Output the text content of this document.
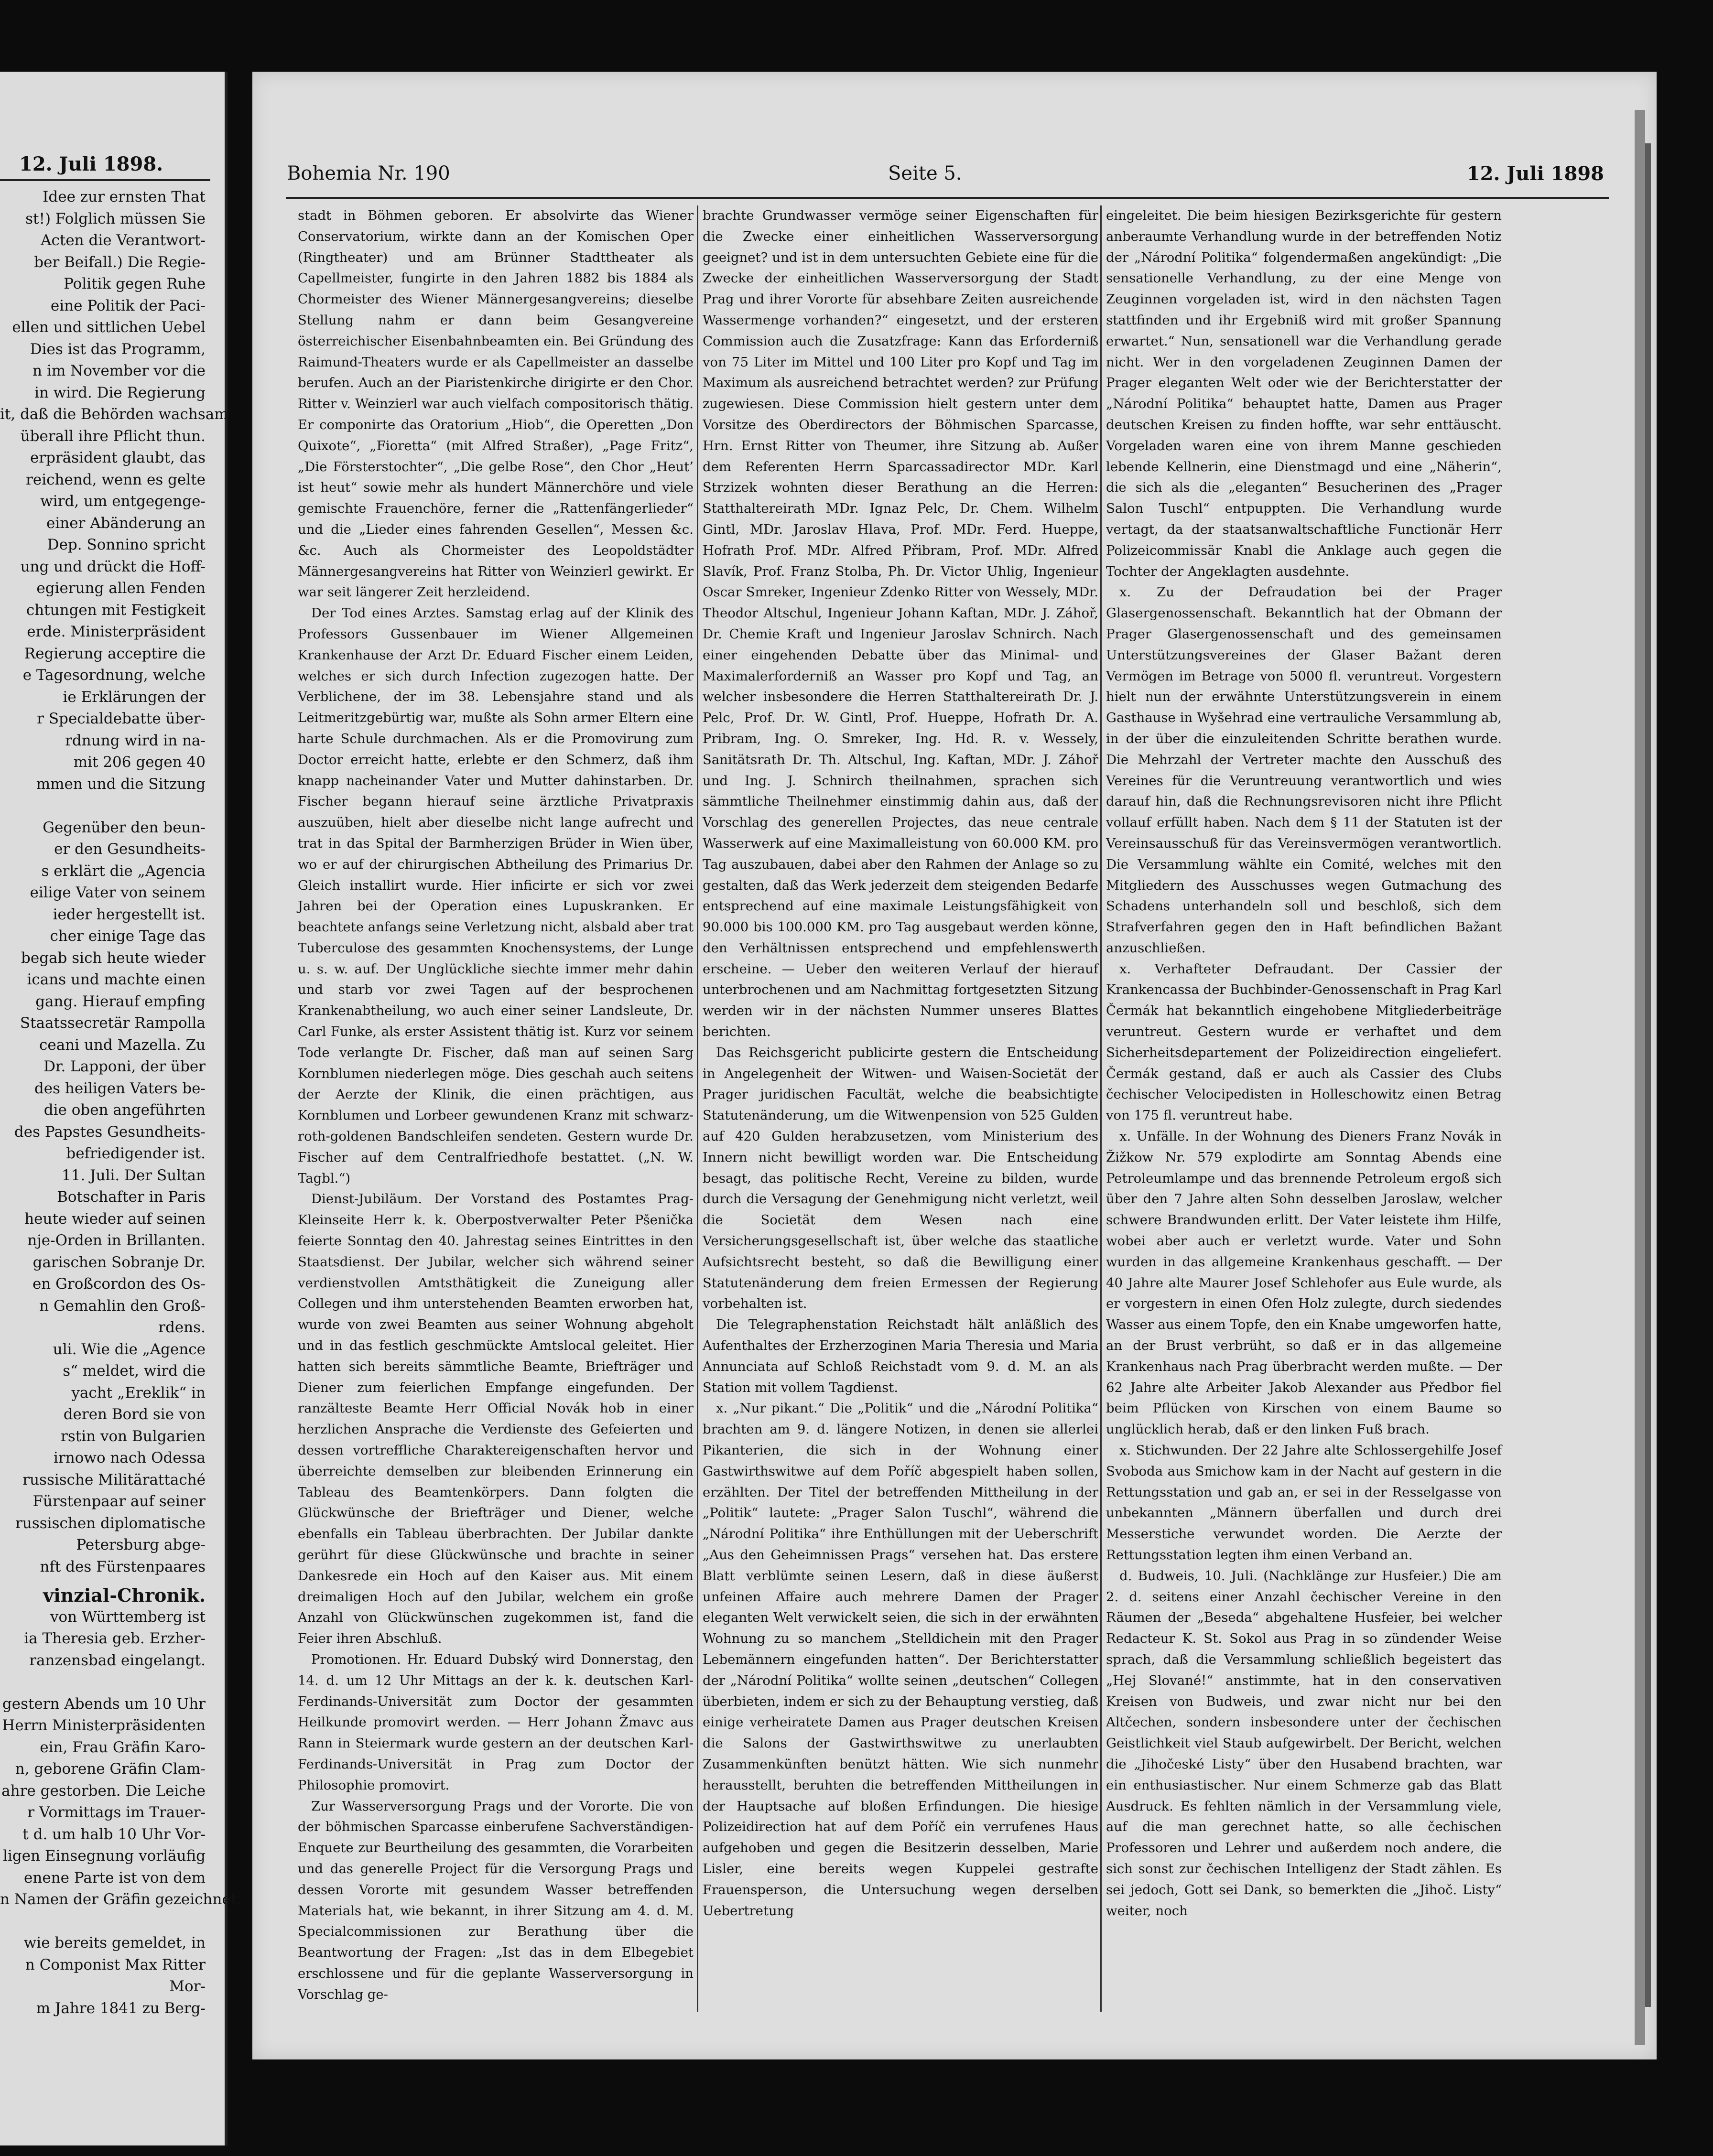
12. Juli 1898.
Idee zur ernsten That
st!) Folglich müssen Sie
Acten die Verantwort-
ber Beifall.) Die Regie-
Politik gegen Ruhe
eine Politik der Paci-
ellen und sittlichen Uebel
Dies ist das Programm,
n im November vor die
in wird. Die Regierung
it, daß die Behörden wachsam
überall ihre Pflicht thun.
erpräsident glaubt, das
reichend, wenn es gelte
wird, um entgegenge-
einer Abänderung an
Dep. Sonnino spricht
ung und drückt die Hoff-
egierung allen Fenden
chtungen mit Festigkeit
erde. Ministerpräsident
Regierung acceptire die
e Tagesordnung, welche
ie Erklärungen der
r Specialdebatte über-
rdnung wird in na-
mit 206 gegen 40
mmen und die Sitzung

Gegenüber den beun-
er den Gesundheits-
s erklärt die „Agencia
eilige Vater von seinem
ieder hergestellt ist.
cher einige Tage das
begab sich heute wieder
icans und machte einen
gang. Hierauf empfing
Staatssecretär Rampolla
ceani und Mazella. Zu
Dr. Lapponi, der über
des heiligen Vaters be-
die oben angeführten
des Papstes Gesundheits-
befriedigender ist.
11. Juli. Der Sultan
Botschafter in Paris
heute wieder auf seinen
nje-Orden in Brillanten.
garischen Sobranje Dr.
en Großcordon des Os-
n Gemahlin den Groß-
rdens.
uli. Wie die „Agence
s“ meldet, wird die
yacht „Ereklik“ in
deren Bord sie von
rstin von Bulgarien
irnowo nach Odessa
russische Militärattaché
Fürstenpaar auf seiner
russischen diplomatische
Petersburg abge-
nft des Fürstenpaares
vinzial-Chronik.
von Württemberg ist
ia Theresia geb. Erzher-
ranzensbad eingelangt.

gestern Abends um 10 Uhr
Herrn Ministerpräsidenten
ein, Frau Gräfin Karo-
n, geborene Gräfin Clam-
ahre gestorben. Die Leiche
r Vormittags im Trauer-
t d. um halb 10 Uhr Vor-
ligen Einsegnung vorläufig
enene Parte ist von dem
n Namen der Gräfin gezeichnet.

wie bereits gemeldet, in
n Componist Max Ritter
Mor-
m Jahre 1841 zu Berg-
Bohemia Nr. 190	Seite 5.	12. Juli 1898

stadt in Böhmen geboren. Er absolvirte das Wiener Conservatorium, wirkte dann an der Komischen Oper (Ringtheater) und am Brünner Stadttheater als Capellmeister, fungirte in den Jahren 1882 bis 1884 als Chormeister des Wiener Männergesangvereins; dieselbe Stellung nahm er dann beim Gesangvereine österreichischer Eisenbahnbeamten ein. Bei Gründung des Raimund-Theaters wurde er als Capellmeister an dasselbe berufen. Auch an der Piaristenkirche dirigirte er den Chor. Ritter v. Weinzierl war auch vielfach compositorisch thätig. Er componirte das Oratorium „Hiob“, die Operetten „Don Quixote“, „Fioretta“ (mit Alfred Straßer), „Page Fritz“, „Die Försterstochter“, „Die gelbe Rose“, den Chor „Heut’ ist heut“ sowie mehr als hundert Männerchöre und viele gemischte Frauenchöre, ferner die „Rattenfängerlieder“ und die „Lieder eines fahrenden Gesellen“, Messen &c. &c. Auch als Chormeister des Leopoldstädter Männergesangvereins hat Ritter von Weinzierl gewirkt. Er war seit längerer Zeit herzleidend.

Der Tod eines Arztes. Samstag erlag auf der Klinik des Professors Gussenbauer im Wiener Allgemeinen Krankenhause der Arzt Dr. Eduard Fischer einem Leiden, welches er sich durch Infection zugezogen hatte. Der Verblichene, der im 38. Lebensjahre stand und als Leitmeritzgebürtig war, mußte als Sohn armer Eltern eine harte Schule durchmachen. Als er die Promovirung zum Doctor erreicht hatte, erlebte er den Schmerz, daß ihm knapp nacheinander Vater und Mutter dahinstarben. Dr. Fischer begann hierauf seine ärztliche Privatpraxis auszuüben, hielt aber dieselbe nicht lange aufrecht und trat in das Spital der Barmherzigen Brüder in Wien über, wo er auf der chirurgischen Abtheilung des Primarius Dr. Gleich installirt wurde. Hier inficirte er sich vor zwei Jahren bei der Operation eines Lupuskranken. Er beachtete anfangs seine Verletzung nicht, alsbald aber trat Tuberculose des gesammten Knochensystems, der Lunge u. s. w. auf. Der Unglückliche siechte immer mehr dahin und starb vor zwei Tagen auf der besprochenen Krankenabtheilung, wo auch einer seiner Landsleute, Dr. Carl Funke, als erster Assistent thätig ist. Kurz vor seinem Tode verlangte Dr. Fischer, daß man auf seinen Sarg Kornblumen niederlegen möge. Dies geschah auch seitens der Aerzte der Klinik, die einen prächtigen, aus Kornblumen und Lorbeer gewundenen Kranz mit schwarz-roth-goldenen Bandschleifen sendeten. Gestern wurde Dr. Fischer auf dem Centralfriedhofe bestattet. („N. W. Tagbl.“)

Dienst-Jubiläum. Der Vorstand des Postamtes Prag-Kleinseite Herr k. k. Oberpostverwalter Peter Pšenička feierte Sonntag den 40. Jahrestag seines Eintrittes in den Staatsdienst. Der Jubilar, welcher sich während seiner verdienstvollen Amtsthätigkeit die Zuneigung aller Collegen und ihm unterstehenden Beamten erworben hat, wurde von zwei Beamten aus seiner Wohnung abgeholt und in das festlich geschmückte Amtslocal geleitet. Hier hatten sich bereits sämmtliche Beamte, Briefträger und Diener zum feierlichen Empfange eingefunden. Der ranzälteste Beamte Herr Official Novák hob in einer herzlichen Ansprache die Verdienste des Gefeierten und dessen vortreffliche Charaktereigenschaften hervor und überreichte demselben zur bleibenden Erinnerung ein Tableau des Beamtenkörpers. Dann folgten die Glückwünsche der Briefträger und Diener, welche ebenfalls ein Tableau überbrachten. Der Jubilar dankte gerührt für diese Glückwünsche und brachte in seiner Dankesrede ein Hoch auf den Kaiser aus. Mit einem dreimaligen Hoch auf den Jubilar, welchem ein große Anzahl von Glückwünschen zugekommen ist, fand die Feier ihren Abschluß.

Promotionen. Hr. Eduard Dubský wird Donnerstag, den 14. d. um 12 Uhr Mittags an der k. k. deutschen Karl-Ferdinands-Universität zum Doctor der gesammten Heilkunde promovirt werden. — Herr Johann Žmavc aus Rann in Steiermark wurde gestern an der deutschen Karl-Ferdinands-Universität in Prag zum Doctor der Philosophie promovirt.

Zur Wasserversorgung Prags und der Vororte. Die von der böhmischen Sparcasse einberufene Sachverständigen-Enquete zur Beurtheilung des gesammten, die Vorarbeiten und das generelle Project für die Versorgung Prags und dessen Vororte mit gesundem Wasser betreffenden Materials hat, wie bekannt, in ihrer Sitzung am 4. d. M. Specialcommissionen zur Berathung über die Beantwortung der Fragen: „Ist das in dem Elbegebiet erschlossene und für die geplante Wasserversorgung in Vorschlag ge-

brachte Grundwasser vermöge seiner Eigenschaften für die Zwecke einer einheitlichen Wasserversorgung geeignet? und ist in dem untersuchten Gebiete eine für die Zwecke der einheitlichen Wasserversorgung der Stadt Prag und ihrer Vororte für absehbare Zeiten ausreichende Wassermenge vorhanden?“ eingesetzt, und der ersteren Commission auch die Zusatzfrage: Kann das Erforderniß von 75 Liter im Mittel und 100 Liter pro Kopf und Tag im Maximum als ausreichend betrachtet werden? zur Prüfung zugewiesen. Diese Commission hielt gestern unter dem Vorsitze des Oberdirectors der Böhmischen Sparcasse, Hrn. Ernst Ritter von Theumer, ihre Sitzung ab. Außer dem Referenten Herrn Sparcassadirector MDr. Karl Strzizek wohnten dieser Berathung an die Herren: Statthaltereirath MDr. Ignaz Pelc, Dr. Chem. Wilhelm Gintl, MDr. Jaroslav Hlava, Prof. MDr. Ferd. Hueppe, Hofrath Prof. MDr. Alfred Přibram, Prof. MDr. Alfred Slavík, Prof. Franz Stolba, Ph. Dr. Victor Uhlig, Ingenieur Oscar Smreker, Ingenieur Zdenko Ritter von Wessely, MDr. Theodor Altschul, Ingenieur Johann Kaftan, MDr. J. Záhoř, Dr. Chemie Kraft und Ingenieur Jaroslav Schnirch. Nach einer eingehenden Debatte über das Minimal- und Maximalerforderniß an Wasser pro Kopf und Tag, an welcher insbesondere die Herren Statthaltereirath Dr. J. Pelc, Prof. Dr. W. Gintl, Prof. Hueppe, Hofrath Dr. A. Pribram, Ing. O. Smreker, Ing. Hd. R. v. Wessely, Sanitätsrath Dr. Th. Altschul, Ing. Kaftan, MDr. J. Záhoř und Ing. J. Schnirch theilnahmen, sprachen sich sämmtliche Theilnehmer einstimmig dahin aus, daß der Vorschlag des generellen Projectes, das neue centrale Wasserwerk auf eine Maximalleistung von 60.000 KM. pro Tag auszubauen, dabei aber den Rahmen der Anlage so zu gestalten, daß das Werk jederzeit dem steigenden Bedarfe entsprechend auf eine maximale Leistungsfähigkeit von 90.000 bis 100.000 KM. pro Tag ausgebaut werden könne, den Verhältnissen entsprechend und empfehlenswerth erscheine. — Ueber den weiteren Verlauf der hierauf unterbrochenen und am Nachmittag fortgesetzten Sitzung werden wir in der nächsten Nummer unseres Blattes berichten.

Das Reichsgericht publicirte gestern die Entscheidung in Angelegenheit der Witwen- und Waisen-Societät der Prager juridischen Facultät, welche die beabsichtigte Statutenänderung, um die Witwenpension von 525 Gulden auf 420 Gulden herabzusetzen, vom Ministerium des Innern nicht bewilligt worden war. Die Entscheidung besagt, das politische Recht, Vereine zu bilden, wurde durch die Versagung der Genehmigung nicht verletzt, weil die Societät dem Wesen nach eine Versicherungsgesellschaft ist, über welche das staatliche Aufsichtsrecht besteht, so daß die Bewilligung einer Statutenänderung dem freien Ermessen der Regierung vorbehalten ist.

Die Telegraphenstation Reichstadt hält anläßlich des Aufenthaltes der Erzherzoginen Maria Theresia und Maria Annunciata auf Schloß Reichstadt vom 9. d. M. an als Station mit vollem Tagdienst.

x. „Nur pikant.“ Die „Politik“ und die „Národní Politika“ brachten am 9. d. längere Notizen, in denen sie allerlei Pikanterien, die sich in der Wohnung einer Gastwirthswitwe auf dem Poříč abgespielt haben sollen, erzählten. Der Titel der betreffenden Mittheilung in der „Politik“ lautete: „Prager Salon Tuschl“, während die „Národní Politika“ ihre Enthüllungen mit der Ueberschrift „Aus den Geheimnissen Prags“ versehen hat. Das erstere Blatt verblümte seinen Lesern, daß in diese äußerst unfeinen Affaire auch mehrere Damen der Prager eleganten Welt verwickelt seien, die sich in der erwähnten Wohnung zu so manchem „Stelldichein mit den Prager Lebemännern eingefunden hatten“. Der Berichterstatter der „Národní Politika“ wollte seinen „deutschen“ Collegen überbieten, indem er sich zu der Behauptung verstieg, daß einige verheiratete Damen aus Prager deutschen Kreisen die Salons der Gastwirthswitwe zu unerlaubten Zusammenkünften benützt hätten. Wie sich nunmehr herausstellt, beruhten die betreffenden Mittheilungen in der Hauptsache auf bloßen Erfindungen. Die hiesige Polizeidirection hat auf dem Poříč ein verrufenes Haus aufgehoben und gegen die Besitzerin desselben, Marie Lisler, eine bereits wegen Kuppelei gestrafte Frauensperson, die Untersuchung wegen derselben Uebertretung

eingeleitet. Die beim hiesigen Bezirksgerichte für gestern anberaumte Verhandlung wurde in der betreffenden Notiz der „Národní Politika“ folgendermaßen angekündigt: „Die sensationelle Verhandlung, zu der eine Menge von Zeuginnen vorgeladen ist, wird in den nächsten Tagen stattfinden und ihr Ergebniß wird mit großer Spannung erwartet.“ Nun, sensationell war die Verhandlung gerade nicht. Wer in den vorgeladenen Zeuginnen Damen der Prager eleganten Welt oder wie der Berichterstatter der „Národní Politika“ behauptet hatte, Damen aus Prager deutschen Kreisen zu finden hoffte, war sehr enttäuscht. Vorgeladen waren eine von ihrem Manne geschieden lebende Kellnerin, eine Dienstmagd und eine „Näherin“, die sich als die „eleganten“ Besucherinen des „Prager Salon Tuschl“ entpuppten. Die Verhandlung wurde vertagt, da der staatsanwaltschaftliche Functionär Herr Polizeicommissär Knabl die Anklage auch gegen die Tochter der Angeklagten ausdehnte.

x. Zu der Defraudation bei der Prager Glasergenossenschaft. Bekanntlich hat der Obmann der Prager Glasergenossenschaft und des gemeinsamen Unterstützungsvereines der Glaser Bažant deren Vermögen im Betrage von 5000 fl. veruntreut. Vorgestern hielt nun der erwähnte Unterstützungsverein in einem Gasthause in Wyšehrad eine vertrauliche Versammlung ab, in der über die einzuleitenden Schritte berathen wurde. Die Mehrzahl der Vertreter machte den Ausschuß des Vereines für die Veruntreuung verantwortlich und wies darauf hin, daß die Rechnungsrevisoren nicht ihre Pflicht vollauf erfüllt haben. Nach dem § 11 der Statuten ist der Vereinsausschuß für das Vereinsvermögen verantwortlich. Die Versammlung wählte ein Comité, welches mit den Mitgliedern des Ausschusses wegen Gutmachung des Schadens unterhandeln soll und beschloß, sich dem Strafverfahren gegen den in Haft befindlichen Bažant anzuschließen.

x. Verhafteter Defraudant. Der Cassier der Krankencassa der Buchbinder-Genossenschaft in Prag Karl Čermák hat bekanntlich eingehobene Mitgliederbeiträge veruntreut. Gestern wurde er verhaftet und dem Sicherheitsdepartement der Polizeidirection eingeliefert. Čermák gestand, daß er auch als Cassier des Clubs čechischer Velocipedisten in Holleschowitz einen Betrag von 175 fl. veruntreut habe.

x. Unfälle. In der Wohnung des Dieners Franz Novák in Žižkow Nr. 579 explodirte am Sonntag Abends eine Petroleumlampe und das brennende Petroleum ergoß sich über den 7 Jahre alten Sohn desselben Jaroslaw, welcher schwere Brandwunden erlitt. Der Vater leistete ihm Hilfe, wobei aber auch er verletzt wurde. Vater und Sohn wurden in das allgemeine Krankenhaus geschafft. — Der 40 Jahre alte Maurer Josef Schlehofer aus Eule wurde, als er vorgestern in einen Ofen Holz zulegte, durch siedendes Wasser aus einem Topfe, den ein Knabe umgeworfen hatte, an der Brust verbrüht, so daß er in das allgemeine Krankenhaus nach Prag überbracht werden mußte. — Der 62 Jahre alte Arbeiter Jakob Alexander aus Předbor fiel beim Pflücken von Kirschen von einem Baume so unglücklich herab, daß er den linken Fuß brach.

x. Stichwunden. Der 22 Jahre alte Schlossergehilfe Josef Svoboda aus Smichow kam in der Nacht auf gestern in die Rettungsstation und gab an, er sei in der Resselgasse von unbekannten „Männern überfallen und durch drei Messerstiche verwundet worden. Die Aerzte der Rettungsstation legten ihm einen Verband an.

d. Budweis, 10. Juli. (Nachklänge zur Husfeier.) Die am 2. d. seitens einer Anzahl čechischer Vereine in den Räumen der „Beseda“ abgehaltene Husfeier, bei welcher Redacteur K. St. Sokol aus Prag in so zündender Weise sprach, daß die Versammlung schließlich begeistert das „Hej Slované!“ anstimmte, hat in den conservativen Kreisen von Budweis, und zwar nicht nur bei den Altčechen, sondern insbesondere unter der čechischen Geistlichkeit viel Staub aufgewirbelt. Der Bericht, welchen die „Jihočeské Listy“ über den Husabend brachten, war ein enthusiastischer. Nur einem Schmerze gab das Blatt Ausdruck. Es fehlten nämlich in der Versammlung viele, auf die man gerechnet hatte, so alle čechischen Professoren und Lehrer und außerdem noch andere, die sich sonst zur čechischen Intelligenz der Stadt zählen. Es sei jedoch, Gott sei Dank, so bemerkten die „Jihoč. Listy“ weiter, noch
